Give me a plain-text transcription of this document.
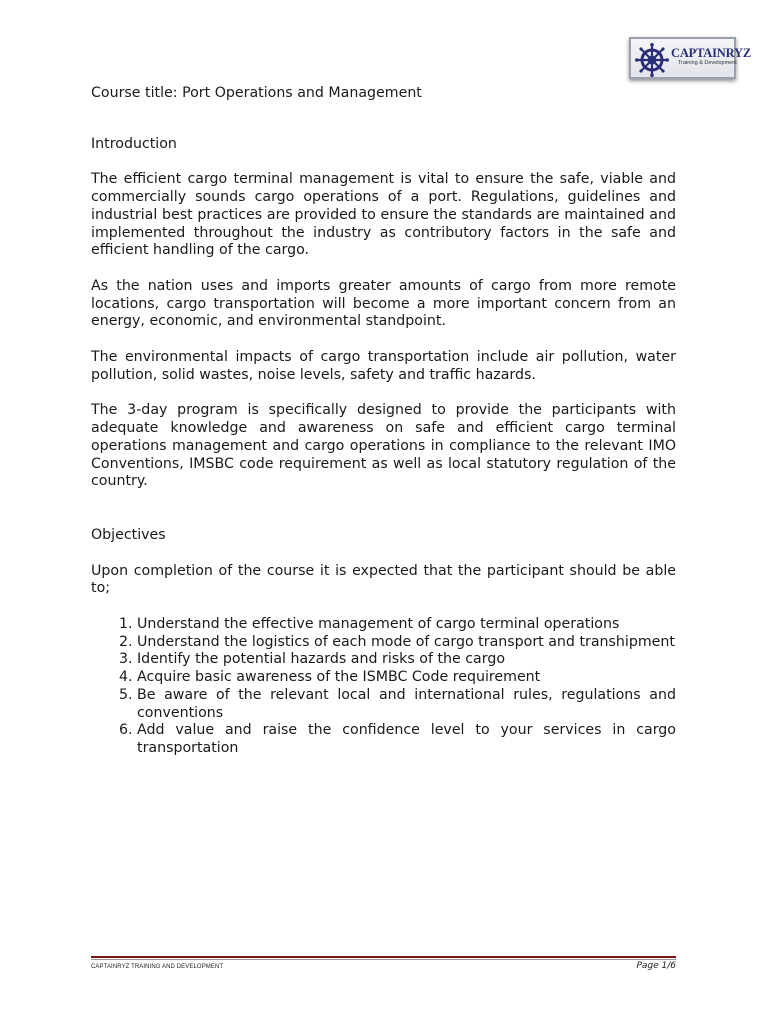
CAPTAINRYZ
Training & Development
Course title: Port Operations and Management
Introduction

The efficient cargo terminal management is vital to ensure the safe, viable and commercially sounds cargo operations of a port. Regulations, guidelines and industrial best practices are provided to ensure the standards are maintained and implemented throughout the industry as contributory factors in the safe and efficient handling of the cargo.

As the nation uses and imports greater amounts of cargo from more remote locations, cargo transportation will become a more important concern from an energy, economic, and environmental standpoint.

The environmental impacts of cargo transportation include air pollution, water pollution, solid wastes, noise levels, safety and traffic hazards.

The 3-day program is specifically designed to provide the participants with adequate knowledge and awareness on safe and efficient cargo terminal operations management and cargo operations in compliance to the relevant IMO Conventions, IMSBC code requirement as well as local statutory regulation of the country.

Objectives

Upon completion of the course it is expected that the participant should be able to;

1. Understand the effective management of cargo terminal operations
2. Understand the logistics of each mode of cargo transport and transhipment
3. Identify the potential hazards and risks of the cargo
4. Acquire basic awareness of the ISMBC Code requirement
5. Be aware of the relevant local and international rules, regulations and conventions
6. Add value and raise the confidence level to your services in cargo transportation
CAPTAINRYZ TRAINING AND DEVELOPMENT	Page 1/6
